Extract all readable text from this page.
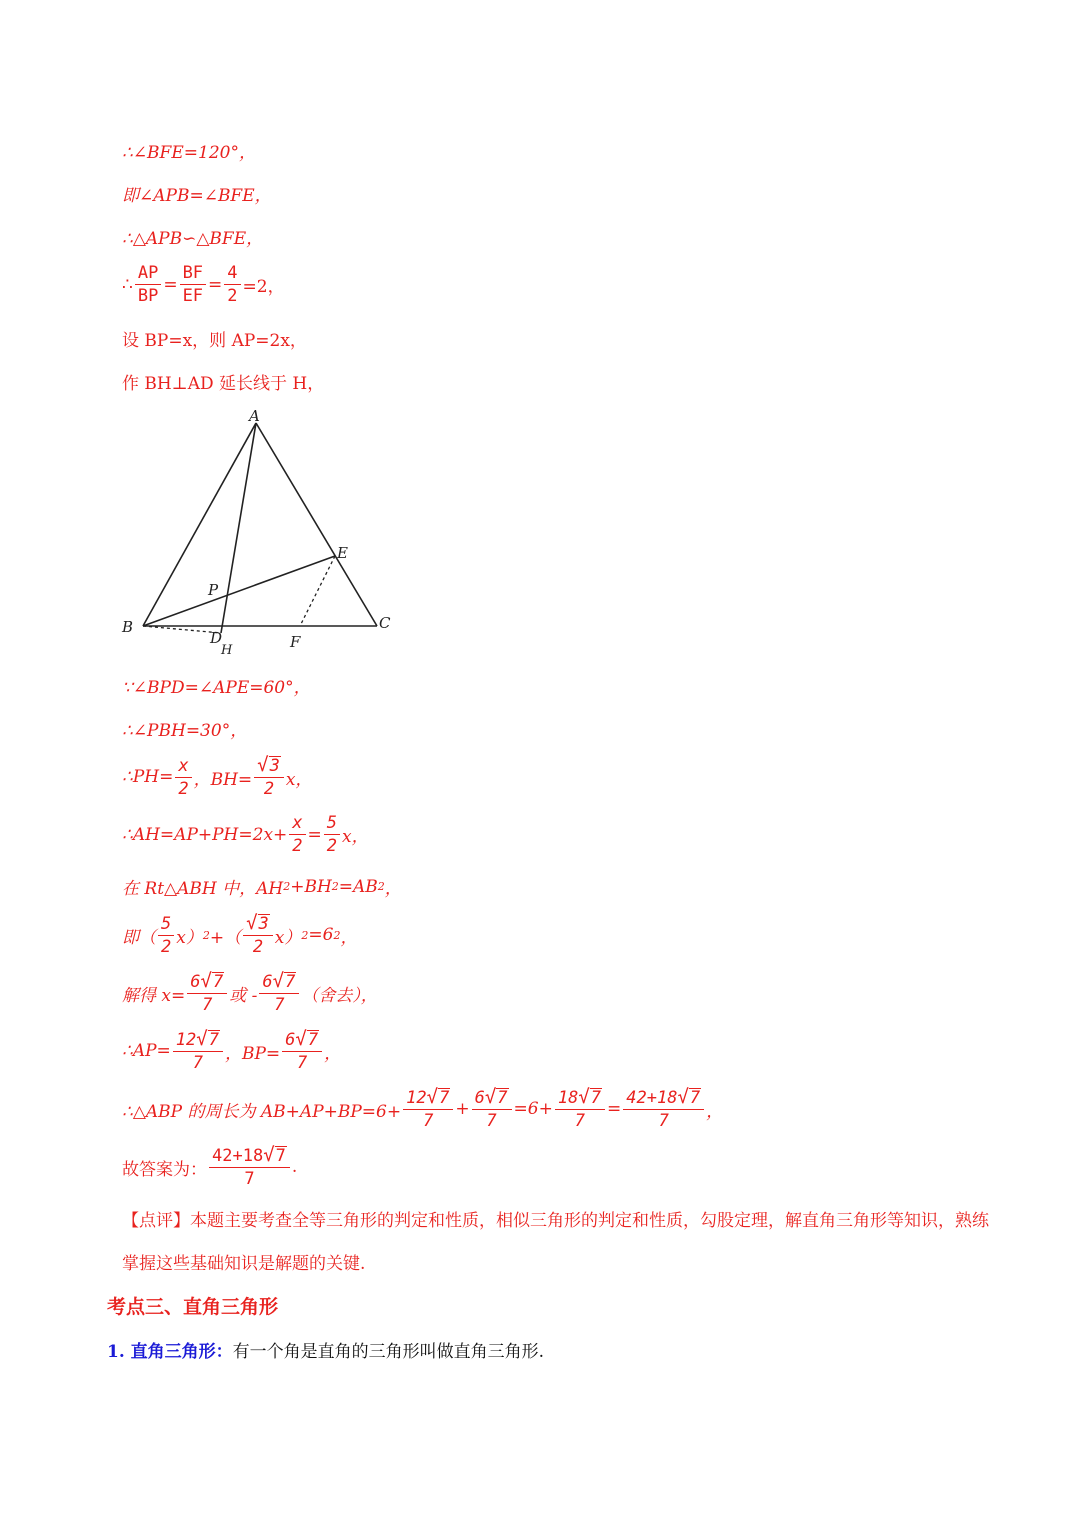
∴∠BFE=120°，
即∠APB=∠BFE，
∴△APB∽△BFE，
∴ $\frac{AP}{BP} = \frac{BF}{EF} = \frac{4}{2} =2$，
设 BP=x，则 AP=2x，
作 BH⊥AD 延长线于 H，
A
B	C
D
E
F
P
H
∵∠BPD=∠APE=60°，
∴∠PBH=30°，
∴PH= $\frac{x}{2}$ ，$BH= \frac{√ 3}{2}$ x，
∴AH=AP+PH=2x+ $\frac{x}{2} = \frac{5}{2}$ x，
在 Rt△ABH 中，AH 2 +BH 2 =AB 2 ，
即（ $\frac{5}{2} x$） 2 +（ $\frac{√ 3}{2} x$） 2 =6 2 ，
解得 $x= \frac{6 √ 7}{7}$ 或 - $\frac{6 √ 7}{7}$ （舍去），
∴AP= $\frac{12 √ 7}{7}$ ，$BP= \frac{6 √ 7}{7}$ ，
∴△ABP 的周长为 $AB+AP+BP=6+ \frac{12 √ 7}{7} + \frac{6 √ 7}{7} =6+ \frac{18 √ 7}{7} = \frac{42+18 √ 7}{7}$ ，
故答案为： $\frac{42+18 √ 7}{7}$ .
【点评】本题主要考查全等三角形的判定和性质，相似三角形的判定和性质，勾股定理，解直角三角形等知识，熟练掌握这些基础知识是解题的关键.
考点三、直角三角形
1. 直角三角形：有一个角是直角的三角形叫做直角三角形.
